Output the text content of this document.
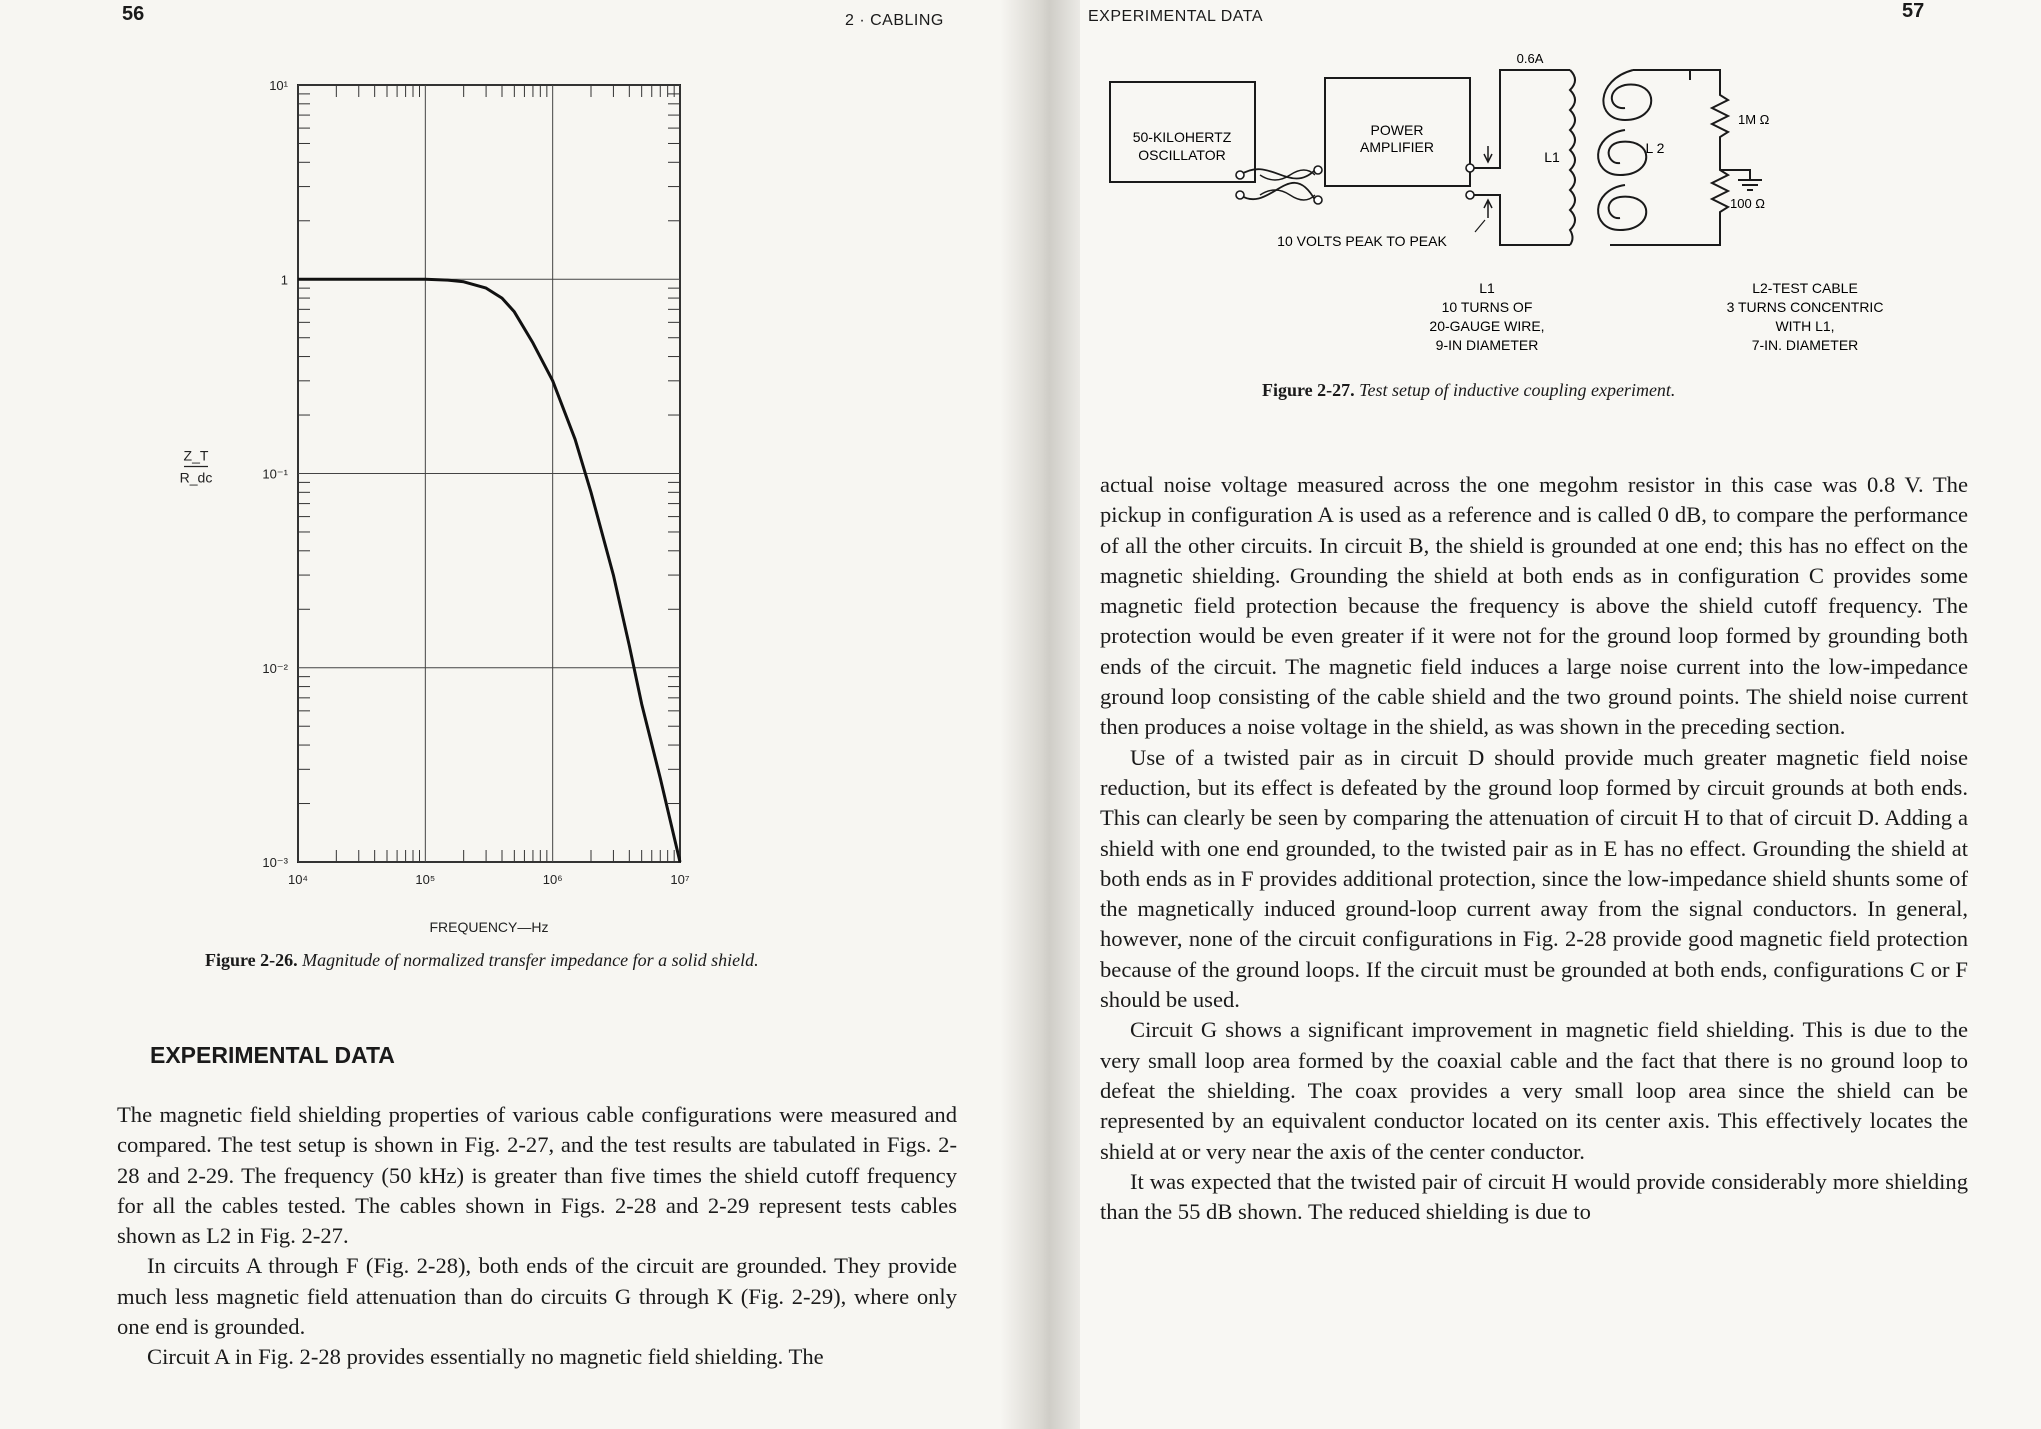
56	2 · CABLING
10⁴	10⁵	10⁶	10⁷
10¹
1
10⁻¹
10⁻²
10⁻³
Z_T
R_dc
FREQUENCY—Hz
Figure 2-26. Magnitude of normalized transfer impedance for a solid shield.
EXPERIMENTAL DATA

The magnetic field shielding properties of various cable configurations were measured and compared. The test setup is shown in Fig. 2-27, and the test results are tabulated in Figs. 2-28 and 2-29. The frequency (50 kHz) is greater than five times the shield cutoff frequency for all the cables tested. The cables shown in Figs. 2-28 and 2-29 represent tests cables shown as L2 in Fig. 2-27.

In circuits A through F (Fig. 2-28), both ends of the circuit are grounded. They provide much less magnetic field attenuation than do circuits G through K (Fig. 2-29), where only one end is grounded.

Circuit A in Fig. 2-28 provides essentially no magnetic field shielding. The

EXPERIMENTAL DATA	57
50-KILOHERTZ
OSCILLATOR
POWER
AMPLIFIER
0.6A
L1
L 2
1M Ω
100 Ω
10 VOLTS PEAK TO PEAK
L1
10 TURNS OF
20-GAUGE WIRE,
9-IN DIAMETER
L2-TEST CABLE
3 TURNS CONCENTRIC
WITH L1,
7-IN. DIAMETER
Figure 2-27. Test setup of inductive coupling experiment.

actual noise voltage measured across the one megohm resistor in this case was 0.8 V. The pickup in configuration A is used as a reference and is called 0 dB, to compare the performance of all the other circuits. In circuit B, the shield is grounded at one end; this has no effect on the magnetic shielding. Grounding the shield at both ends as in configuration C provides some magnetic field protection because the frequency is above the shield cutoff frequency. The protection would be even greater if it were not for the ground loop formed by grounding both ends of the circuit. The magnetic field induces a large noise current into the low-impedance ground loop consisting of the cable shield and the two ground points. The shield noise current then produces a noise voltage in the shield, as was shown in the preceding section.

Use of a twisted pair as in circuit D should provide much greater magnetic field noise reduction, but its effect is defeated by the ground loop formed by circuit grounds at both ends. This can clearly be seen by comparing the attenuation of circuit H to that of circuit D. Adding a shield with one end grounded, to the twisted pair as in E has no effect. Grounding the shield at both ends as in F provides additional protection, since the low-impedance shield shunts some of the magnetically induced ground-loop current away from the signal conductors. In general, however, none of the circuit configurations in Fig. 2-28 provide good magnetic field protection because of the ground loops. If the circuit must be grounded at both ends, configurations C or F should be used.

Circuit G shows a significant improvement in magnetic field shielding. This is due to the very small loop area formed by the coaxial cable and the fact that there is no ground loop to defeat the shielding. The coax provides a very small loop area since the shield can be represented by an equivalent conductor located on its center axis. This effectively locates the shield at or very near the axis of the center conductor.

It was expected that the twisted pair of circuit H would provide considerably more shielding than the 55 dB shown. The reduced shielding is due to
